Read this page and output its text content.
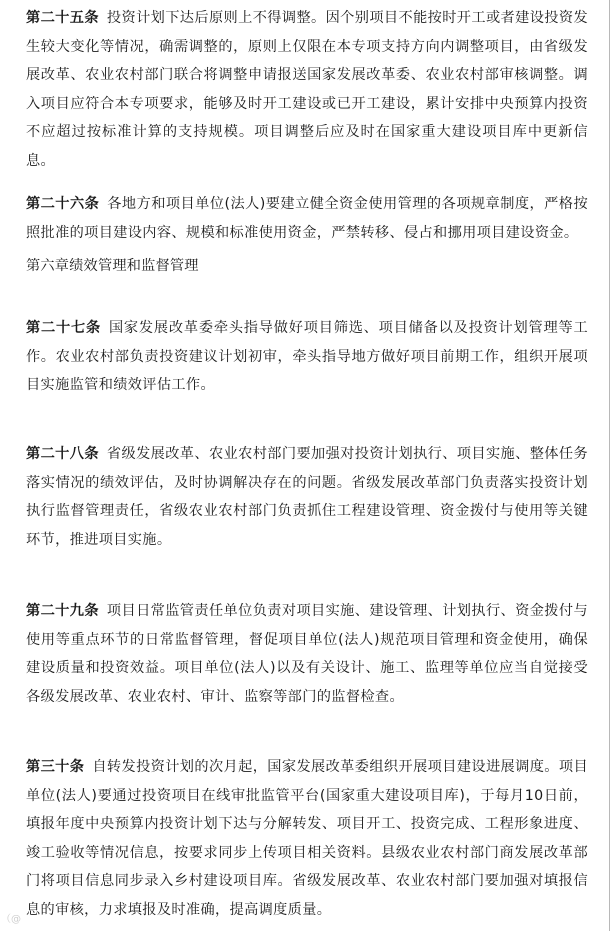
第二十五条 投资计划下达后原则上不得调整。因个别项目不能按时开工或者建设投资发生较大变化等情况，确需调整的，原则上仅限在本专项支持方向内调整项目，由省级发展改革、农业农村部门联合将调整申请报送国家发展改革委、农业农村部审核调整。调入项目应符合本专项要求，能够及时开工建设或已开工建设，累计安排中央预算内投资不应超过按标准计算的支持规模。项目调整后应及时在国家重大建设项目库中更新信息。
第二十六条 各地方和项目单位(法人)要建立健全资金使用管理的各项规章制度，严格按照批准的项目建设内容、规模和标准使用资金，严禁转移、侵占和挪用项目建设资金。
第六章绩效管理和监督管理
第二十七条 国家发展改革委牵头指导做好项目筛选、项目储备以及投资计划管理等工作。农业农村部负责投资建议计划初审，牵头指导地方做好项目前期工作，组织开展项目实施监管和绩效评估工作。
第二十八条 省级发展改革、农业农村部门要加强对投资计划执行、项目实施、整体任务落实情况的绩效评估，及时协调解决存在的问题。省级发展改革部门负责落实投资计划执行监督管理责任，省级农业农村部门负责抓住工程建设管理、资金拨付与使用等关键环节，推进项目实施。
第二十九条 项目日常监管责任单位负责对项目实施、建设管理、计划执行、资金拨付与使用等重点环节的日常监督管理，督促项目单位(法人)规范项目管理和资金使用，确保建设质量和投资效益。项目单位(法人)以及有关设计、施工、监理等单位应当自觉接受各级发展改革、农业农村、审计、监察等部门的监督检查。
第三十条 自转发投资计划的次月起，国家发展改革委组织开展项目建设进展调度。项目单位(法人)要通过投资项目在线审批监管平台(国家重大建设项目库)，于每月10日前，填报年度中央预算内投资计划下达与分解转发、项目开工、投资完成、工程形象进度、竣工验收等情况信息，按要求同步上传项目相关资料。县级农业农村部门商发展改革部门将项目信息同步录入乡村建设项目库。省级发展改革、农业农村部门要加强对填报信息的审核，力求填报及时准确，提高调度质量。
（@
